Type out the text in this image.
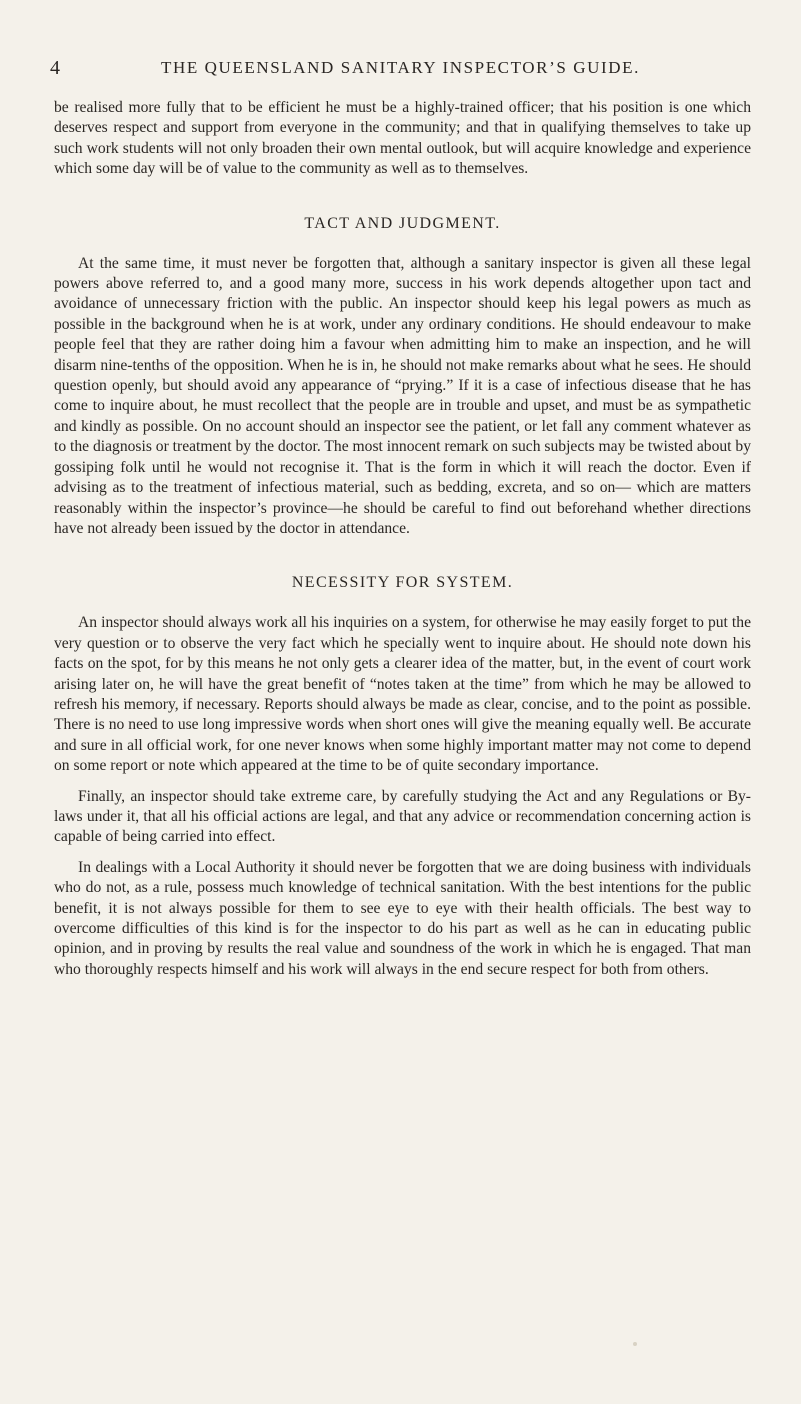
4	THE QUEENSLAND SANITARY INSPECTOR’S GUIDE.

be realised more fully that to be efficient he must be a highly-trained officer; that his position is one which deserves respect and support from everyone in the community; and that in qualifying themselves to take up such work students will not only broaden their own mental outlook, but will acquire knowledge and experience which some day will be of value to the community as well as to themselves.

TACT AND JUDGMENT.

At the same time, it must never be forgotten that, although a sanitary inspector is given all these legal powers above referred to, and a good many more, success in his work depends altogether upon tact and avoidance of unnecessary friction with the public. An inspector should keep his legal powers as much as possible in the background when he is at work, under any ordinary conditions. He should endeavour to make people feel that they are rather doing him a favour when admitting him to make an inspection, and he will disarm nine-tenths of the opposition. When he is in, he should not make remarks about what he sees. He should question openly, but should avoid any appearance of “prying.” If it is a case of infectious disease that he has come to inquire about, he must recollect that the people are in trouble and upset, and must be as sympathetic and kindly as possible. On no account should an inspector see the patient, or let fall any comment whatever as to the diagnosis or treatment by the doctor. The most innocent remark on such subjects may be twisted about by gossiping folk until he would not recognise it. That is the form in which it will reach the doctor. Even if advising as to the treatment of infectious material, such as bedding, excreta, and so on— which are matters reasonably within the inspector’s province—he should be careful to find out beforehand whether directions have not already been issued by the doctor in attendance.

NECESSITY FOR SYSTEM.

An inspector should always work all his inquiries on a system, for otherwise he may easily forget to put the very question or to observe the very fact which he specially went to inquire about. He should note down his facts on the spot, for by this means he not only gets a clearer idea of the matter, but, in the event of court work arising later on, he will have the great benefit of “notes taken at the time” from which he may be allowed to refresh his memory, if necessary. Reports should always be made as clear, concise, and to the point as possible. There is no need to use long impressive words when short ones will give the meaning equally well. Be accurate and sure in all official work, for one never knows when some highly important matter may not come to depend on some report or note which appeared at the time to be of quite secondary importance.

Finally, an inspector should take extreme care, by carefully studying the Act and any Regulations or By-laws under it, that all his official actions are legal, and that any advice or recommendation concerning action is capable of being carried into effect.

In dealings with a Local Authority it should never be forgotten that we are doing business with individuals who do not, as a rule, possess much knowledge of technical sanitation. With the best intentions for the public benefit, it is not always possible for them to see eye to eye with their health officials. The best way to overcome difficulties of this kind is for the inspector to do his part as well as he can in educating public opinion, and in proving by results the real value and soundness of the work in which he is engaged. That man who thoroughly respects himself and his work will always in the end secure respect for both from others.
